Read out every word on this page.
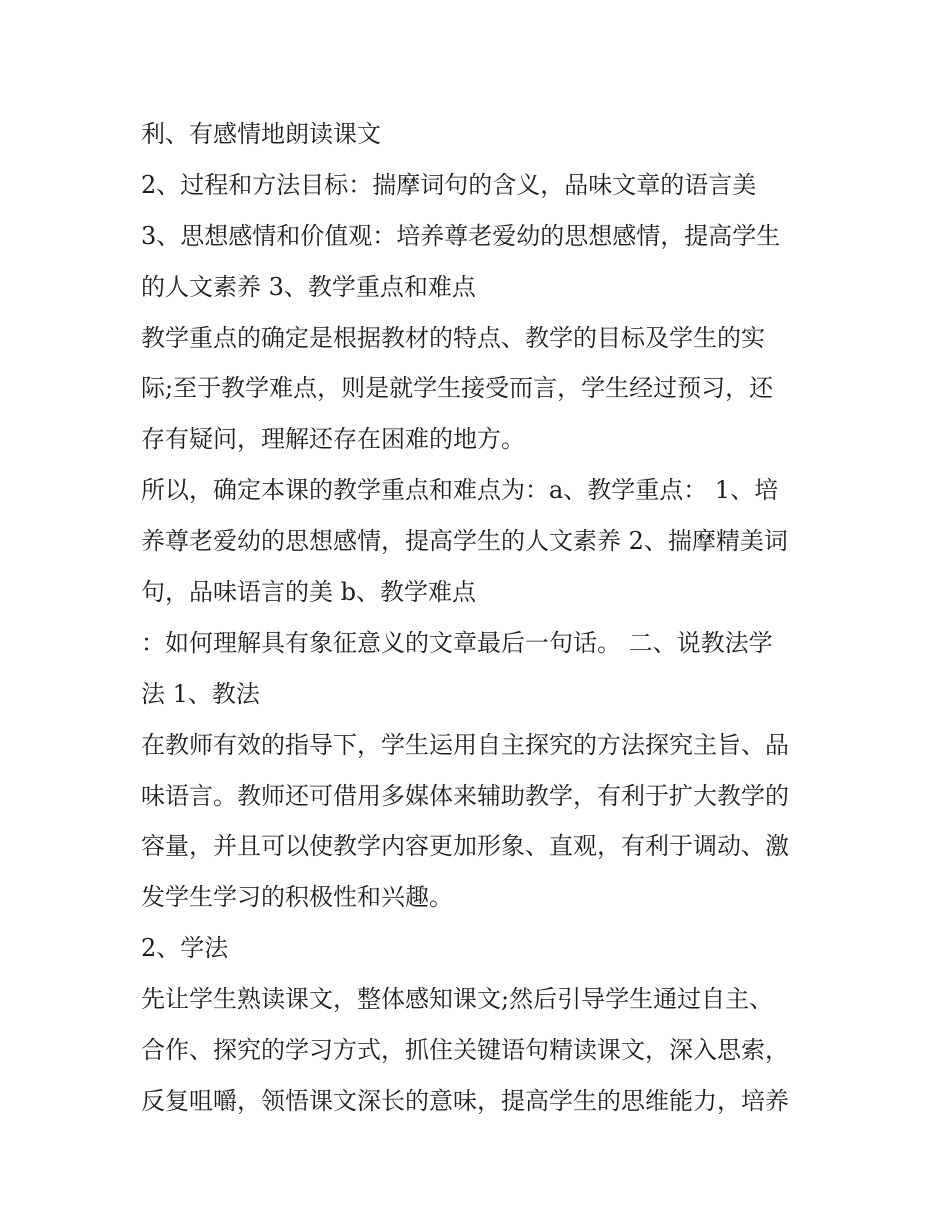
利、有感情地朗读课文
2、过程和方法目标：揣摩词句的含义，品味文章的语言美
3、思想感情和价值观：培养尊老爱幼的思想感情，提高学生
的人文素养 3、教学重点和难点
教学重点的确定是根据教材的特点、教学的目标及学生的实
际;至于教学难点，则是就学生接受而言，学生经过预习，还
存有疑问，理解还存在困难的地方。
所以，确定本课的教学重点和难点为：a、教学重点： 1、培
养尊老爱幼的思想感情，提高学生的人文素养 2、揣摩精美词
句，品味语言的美 b、教学难点
：如何理解具有象征意义的文章最后一句话。 二、说教法学
法 1、教法
在教师有效的指导下，学生运用自主探究的方法探究主旨、品
味语言。教师还可借用多媒体来辅助教学，有利于扩大教学的
容量，并且可以使教学内容更加形象、直观，有利于调动、激
发学生学习的积极性和兴趣。
2、学法
先让学生熟读课文，整体感知课文;然后引导学生通过自主、
合作、探究的学习方式，抓住关键语句精读课文，深入思索，
反复咀嚼，领悟课文深长的意味，提高学生的思维能力，培养
